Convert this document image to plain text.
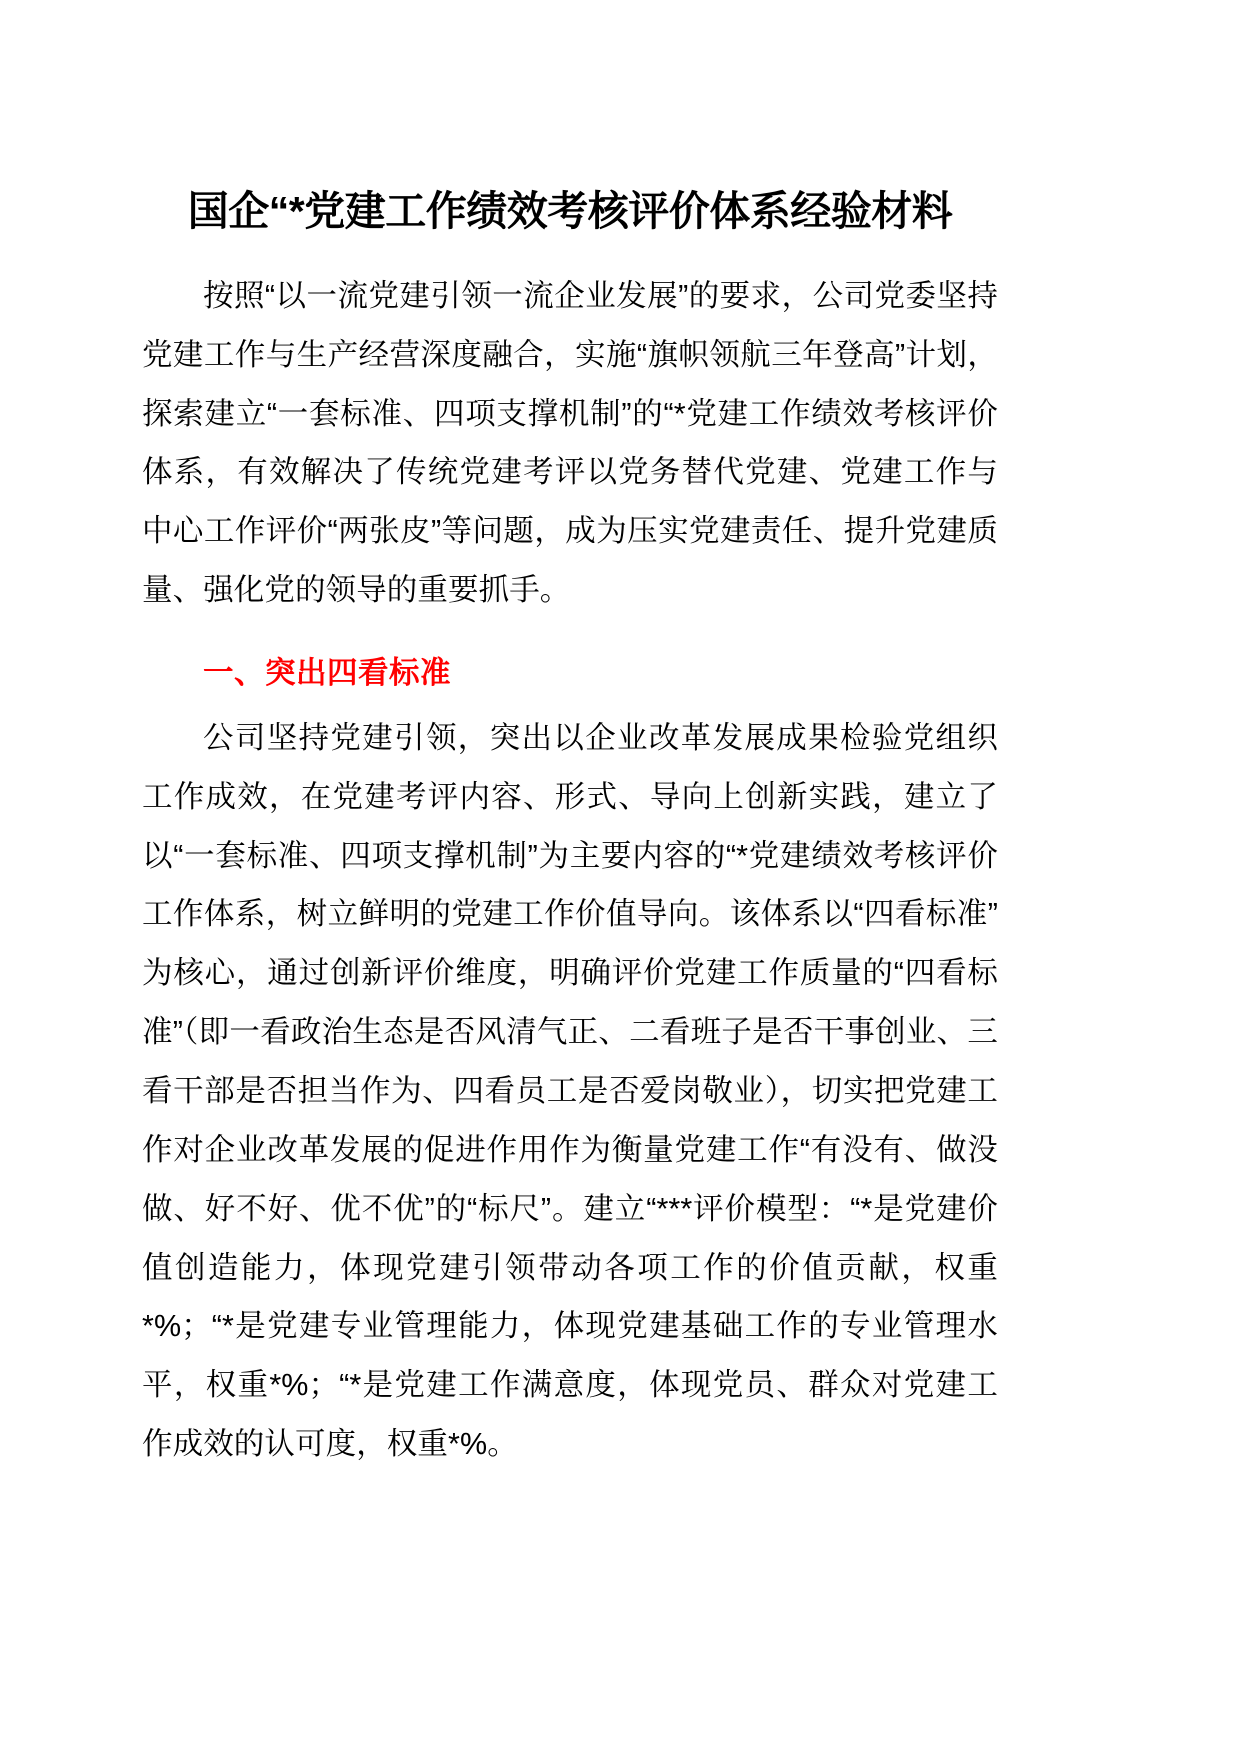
国企“*党建工作绩效考核评价体系经验材料

按照“以一流党建引领一流企业发展”的要求，公司党委坚持党建工作与生产经营深度融合，实施“旗帜领航三年登高”计划，探索建立“一套标准、四项支撑机制”的“*党建工作绩效考核评价体系，有效解决了传统党建考评以党务替代党建、党建工作与中心工作评价“两张皮”等问题，成为压实党建责任、提升党建质量、强化党的领导的重要抓手。

一、突出四看标准

公司坚持党建引领，突出以企业改革发展成果检验党组织工作成效，在党建考评内容、形式、导向上创新实践，建立了以“一套标准、四项支撑机制”为主要内容的“*党建绩效考核评价工作体系，树立鲜明的党建工作价值导向。该体系以“四看标准”为核心，通过创新评价维度，明确评价党建工作质量的“四看标准”（即一看政治生态是否风清气正、二看班子是否干事创业、三看干部是否担当作为、四看员工是否爱岗敬业），切实把党建工作对企业改革发展的促进作用作为衡量党建工作“有没有、做没做、好不好、优不优”的“标尺”。建立“***评价模型：“*是党建价值创造能力，体现党建引领带动各项工作的价值贡献，权重*%；“*是党建专业管理能力，体现党建基础工作的专业管理水平，权重*%；“*是党建工作满意度，体现党员、群众对党建工作成效的认可度，权重*%。
